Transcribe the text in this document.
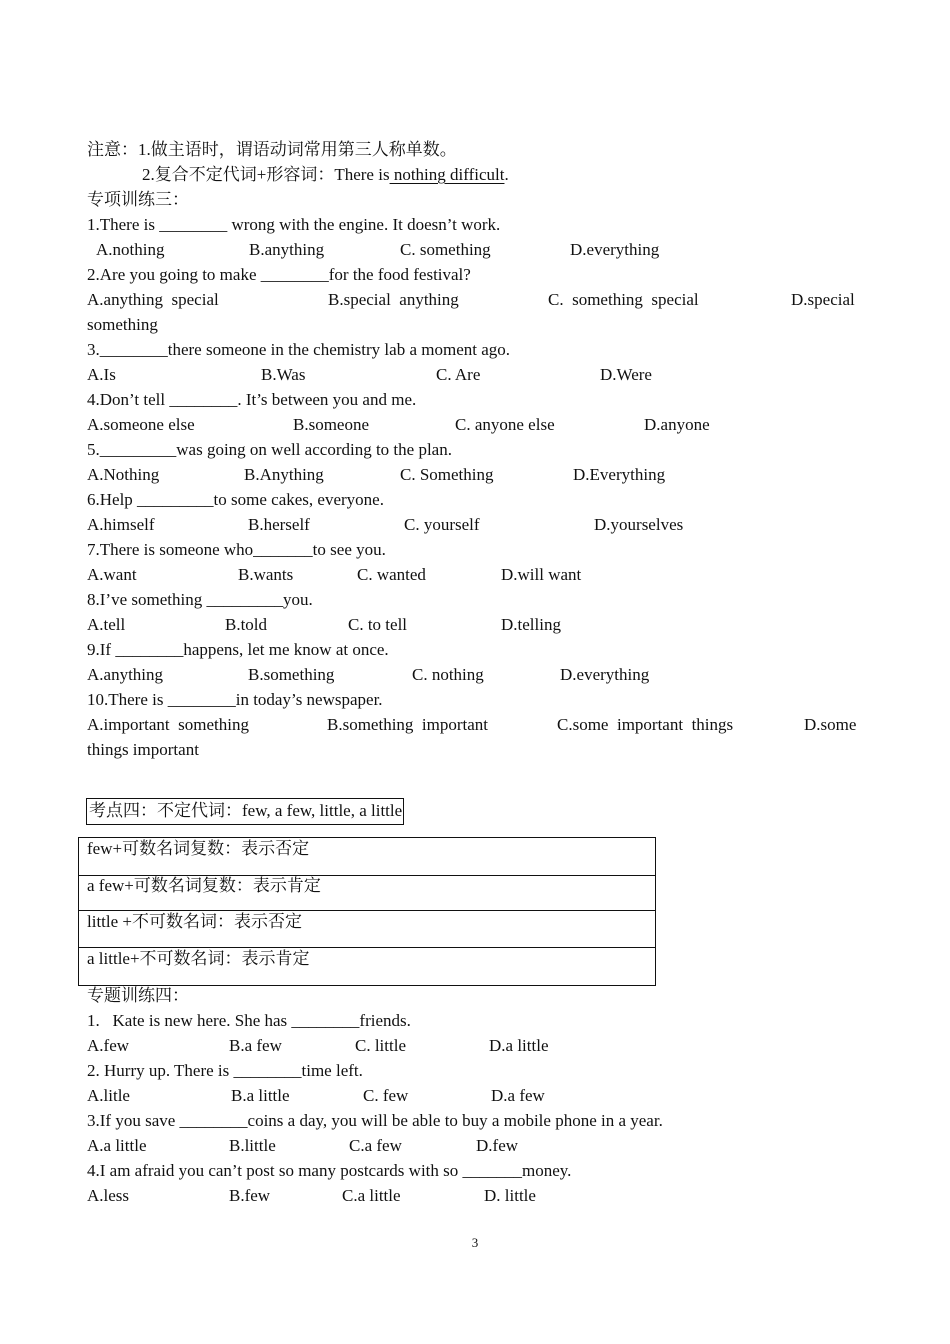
注意：1.做主语时，谓语动词常用第三人称单数。
2.复合不定代词+形容词：There is nothing difficult.
专项训练三：
1.There is ________ wrong with the engine. It doesn’t work.
A.nothing	B.anything	C. something	D.everything
2.Are you going to make ________for the food festival?
A.anything  special	B.special  anything	C.  something  special	D.special
something
3.________there someone in the chemistry lab a moment ago.
A.Is	B.Was	C. Are	D.Were
4.Don’t tell ________. It’s between you and me.
A.someone else	B.someone	C. anyone else	D.anyone
5._________was going on well according to the plan.
A.Nothing	B.Anything	C. Something	D.Everything
6.Help _________to some cakes, everyone.
A.himself	B.herself	C. yourself	D.yourselves
7.There is someone who_______to see you.
A.want	B.wants	C. wanted	D.will want
8.I’ve something _________you.
A.tell	B.told	C. to tell	D.telling
9.If ________happens, let me know at once.
A.anything	B.something	C. nothing	D.everything
10.There is ________in today’s newspaper.
A.important  something	B.something  important	C.some  important  things	D.some
things important
考点四：不定代词：few, a few, little, a little
few+可数名词复数：表示否定
a few+可数名词复数：表示肯定
little +不可数名词：表示否定
a little+不可数名词：表示肯定
专题训练四：
1.   Kate is new here. She has ________friends.
A.few	B.a few	C. little	D.a little
2. Hurry up. There is ________time left.
A.litle	B.a little	C. few	D.a few
3.If you save ________coins a day, you will be able to buy a mobile phone in a year.
A.a little	B.little	C.a few	D.few
4.I am afraid you can’t post so many postcards with so _______money.
A.less	B.few	C.a little	D. little
3
